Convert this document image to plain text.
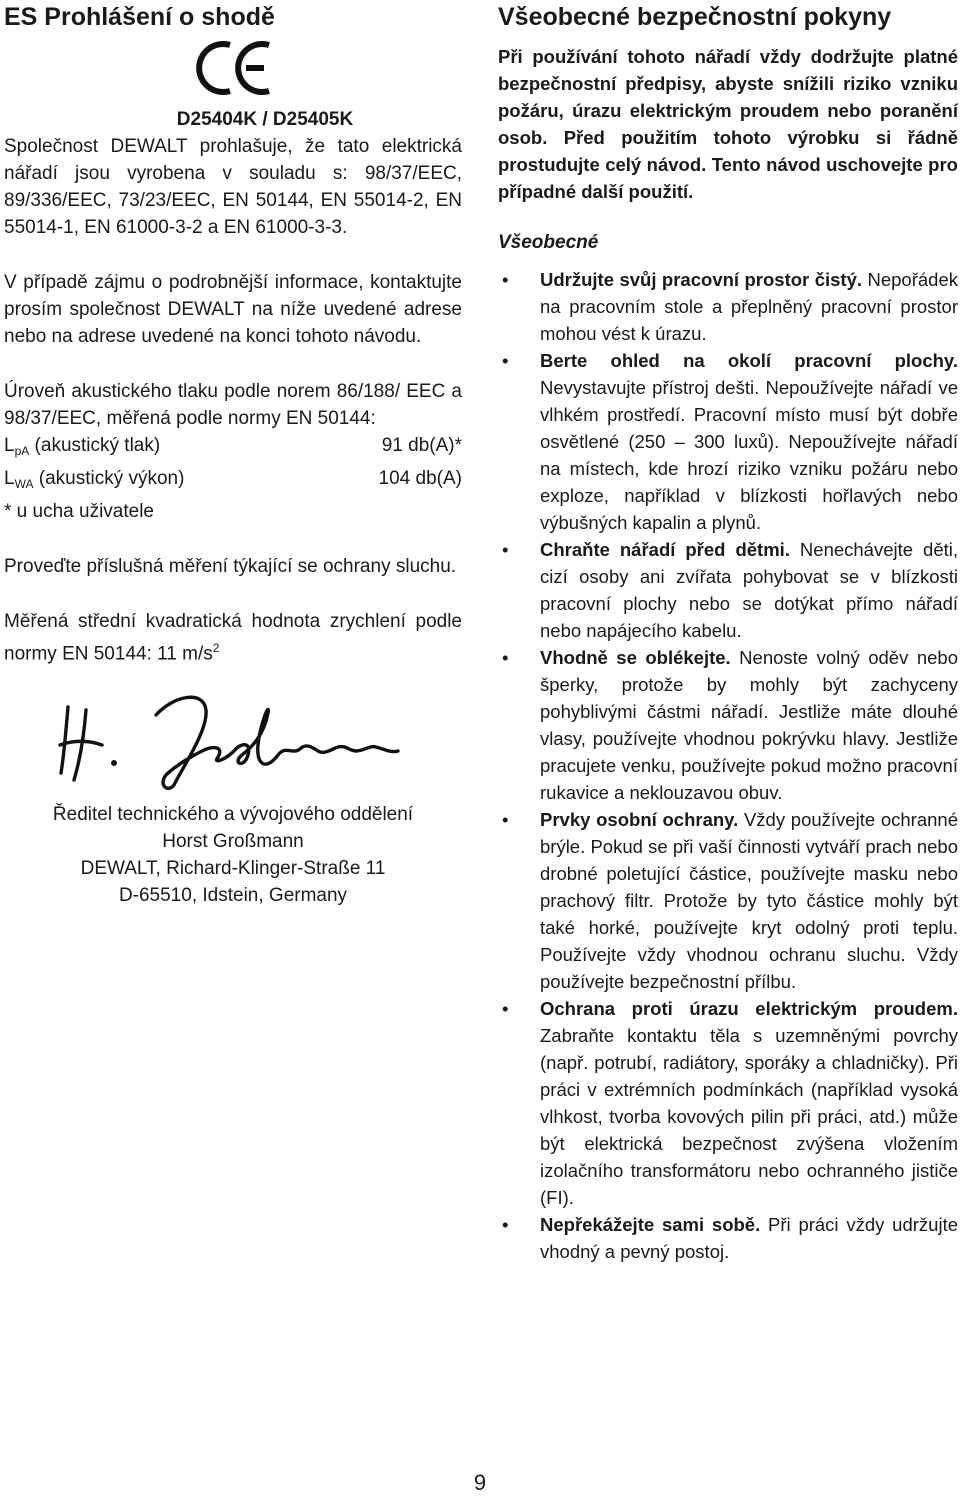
ES Prohlášení o shodě
D25404K / D25405K

Společnost DEWALT prohlašuje, že tato elektrická nářadí jsou vyrobena v souladu s: 98/37/EEC, 89/336/EEC, 73/23/EEC, EN 50144, EN 55014-2, EN 55014-1, EN 61000-3-2 a EN 61000-3-3.

V případě zájmu o podrobnější informace, kontaktujte prosím společnost DEWALT na níže uvedené adrese nebo na adrese uvedené na konci tohoto návodu.

Úroveň akustického tlaku podle norem 86/188/ EEC a 98/37/EEC, měřená podle normy EN 50144:

$L_{pA}$ (akustický tlak)	91 db(A)*
$L_{WA}$ (akustický výkon)	104 db(A)

* u ucha uživatele

Proveďte příslušná měření týkající se ochrany sluchu.

Měřená střední kvadratická hodnota zrychlení podle normy EN 50144: 11 $m/s^2$

Ředitel technického a vývojového oddělení
Horst Großmann
DEWALT, Richard-Klinger-Straße 11
D-65510, Idstein, Germany
Všeobecné bezpečnostní pokyny

Při používání tohoto nářadí vždy dodržujte platné bezpečnostní předpisy, abyste snížili riziko vzniku požáru, úrazu elektrickým proudem nebo poranění osob. Před použitím tohoto výrobku si řádně prostudujte celý návod. Tento návod uschovejte pro případné další použití.

Všeobecné
• Udržujte svůj pracovní prostor čistý. Nepořádek na pracovním stole a přeplněný pracovní prostor mohou vést k úrazu.
• Berte ohled na okolí pracovní plochy. Nevystavujte přístroj dešti. Nepoužívejte nářadí ve vlhkém prostředí. Pracovní místo musí být dobře osvětlené (250 – 300 luxů). Nepoužívejte nářadí na místech, kde hrozí riziko vzniku požáru nebo exploze, například v blízkosti hořlavých nebo výbušných kapalin a plynů.
• Chraňte nářadí před dětmi. Nenechávejte děti, cizí osoby ani zvířata pohybovat se v blízkosti pracovní plochy nebo se dotýkat přímo nářadí nebo napájecího kabelu.
• Vhodně se oblékejte. Nenoste volný oděv nebo šperky, protože by mohly být zachyceny pohyblivými částmi nářadí. Jestliže máte dlouhé vlasy, používejte vhodnou pokrývku hlavy. Jestliže pracujete venku, používejte pokud možno pracovní rukavice a neklouzavou obuv.
• Prvky osobní ochrany. Vždy používejte ochranné brýle. Pokud se při vaší činnosti vytváří prach nebo drobné poletující částice, používejte masku nebo prachový filtr. Protože by tyto částice mohly být také horké, používejte kryt odolný proti teplu. Používejte vždy vhodnou ochranu sluchu. Vždy používejte bezpečnostní přílbu.
• Ochrana proti úrazu elektrickým proudem. Zabraňte kontaktu těla s uzemněnými povrchy (např. potrubí, radiátory, sporáky a chladničky). Při práci v extrémních podmínkách (například vysoká vlhkost, tvorba kovových pilin při práci, atd.) může být elektrická bezpečnost zvýšena vložením izolačního transformátoru nebo ochranného jističe (FI).
• Nepřekážejte sami sobě. Při práci vždy udržujte vhodný a pevný postoj.
9
